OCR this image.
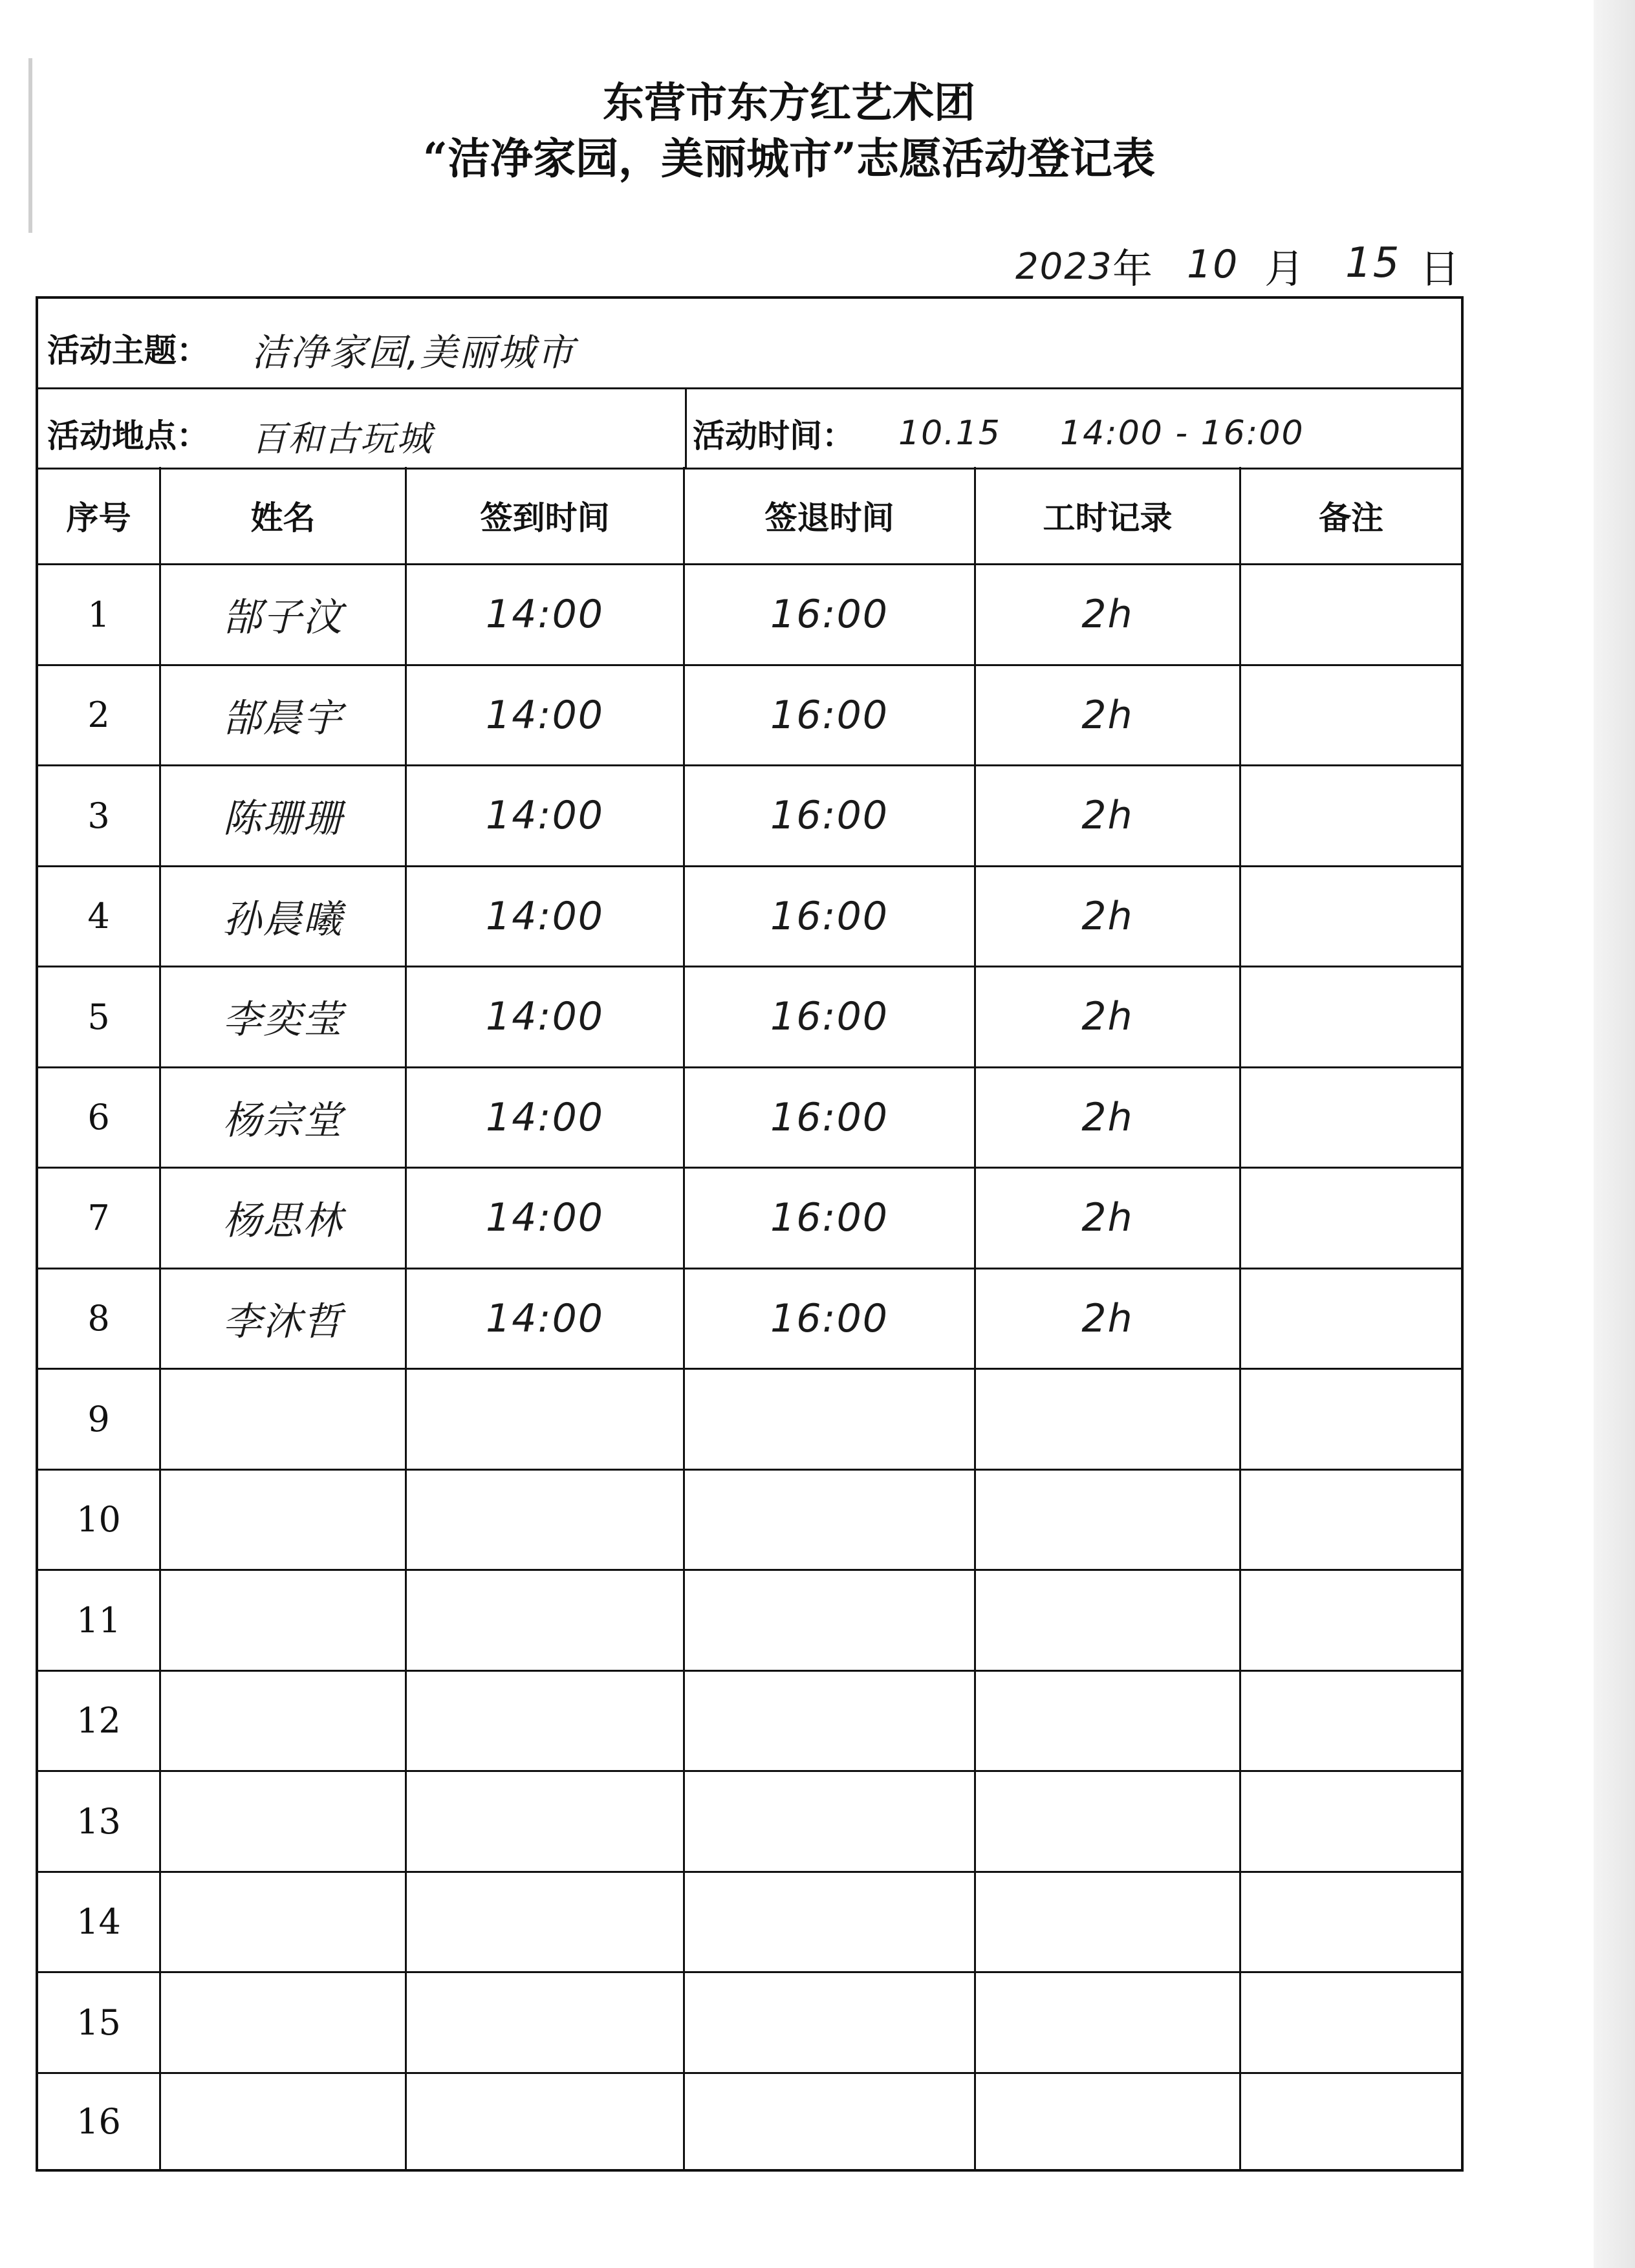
东营市东方红艺术团
“洁净家园，美丽城市”志愿活动登记表
2023 年 10 月 15 日
活动主题： 洁净家园,美丽城市
活动地点： 百和古玩城	活动时间： 10.15 14:00 - 16:00
序号	姓名	签到时间	签退时间	工时记录	备注
1	郜子汶	14:00	16:00	2h
2	郜晨宇	14:00	16:00	2h
3	陈珊珊	14:00	16:00	2h
4	孙晨曦	14:00	16:00	2h
5	李奕莹	14:00	16:00	2h
6	杨宗堂	14:00	16:00	2h
7	杨思林	14:00	16:00	2h
8	李沐哲	14:00	16:00	2h
9
10
11
12
13
14
15
16
